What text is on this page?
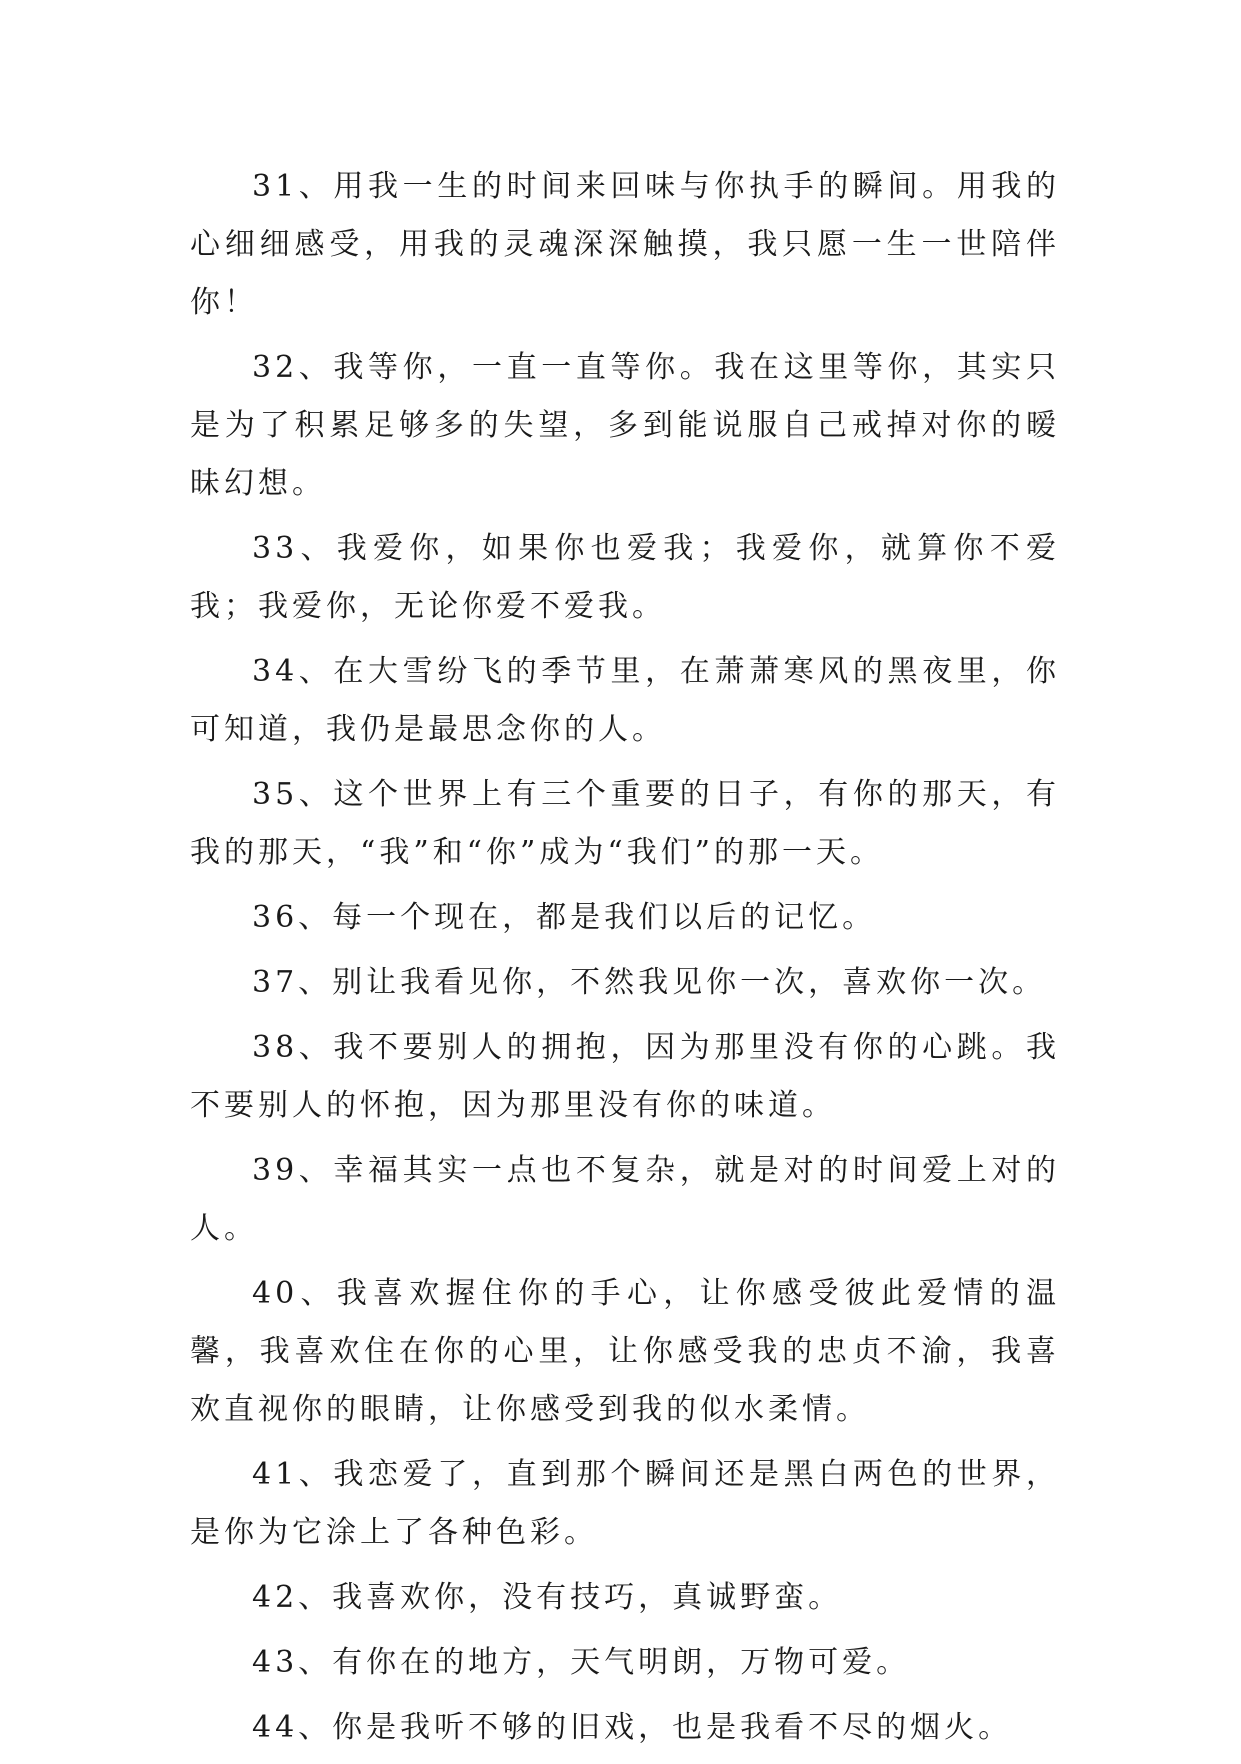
31、用我一生的时间来回味与你执手的瞬间。用我的心细细感受，用我的灵魂深深触摸，我只愿一生一世陪伴你！

32、我等你，一直一直等你。我在这里等你，其实只是为了积累足够多的失望，多到能说服自己戒掉对你的暧昧幻想。

33、我爱你，如果你也爱我；我爱你，就算你不爱我；我爱你，无论你爱不爱我。

34、在大雪纷飞的季节里，在萧萧寒风的黑夜里，你可知道，我仍是最思念你的人。

35、这个世界上有三个重要的日子，有你的那天，有我的那天，“我”和“你”成为“我们”的那一天。

36、每一个现在，都是我们以后的记忆。

37、别让我看见你，不然我见你一次，喜欢你一次。

38、我不要别人的拥抱，因为那里没有你的心跳。我不要别人的怀抱，因为那里没有你的味道。

39、幸福其实一点也不复杂，就是对的时间爱上对的人。

40、我喜欢握住你的手心，让你感受彼此爱情的温馨，我喜欢住在你的心里，让你感受我的忠贞不渝，我喜欢直视你的眼睛，让你感受到我的似水柔情。

41、我恋爱了，直到那个瞬间还是黑白两色的世界，是你为它涂上了各种色彩。

42、我喜欢你，没有技巧，真诚野蛮。

43、有你在的地方，天气明朗，万物可爱。

44、你是我听不够的旧戏，也是我看不尽的烟火。
